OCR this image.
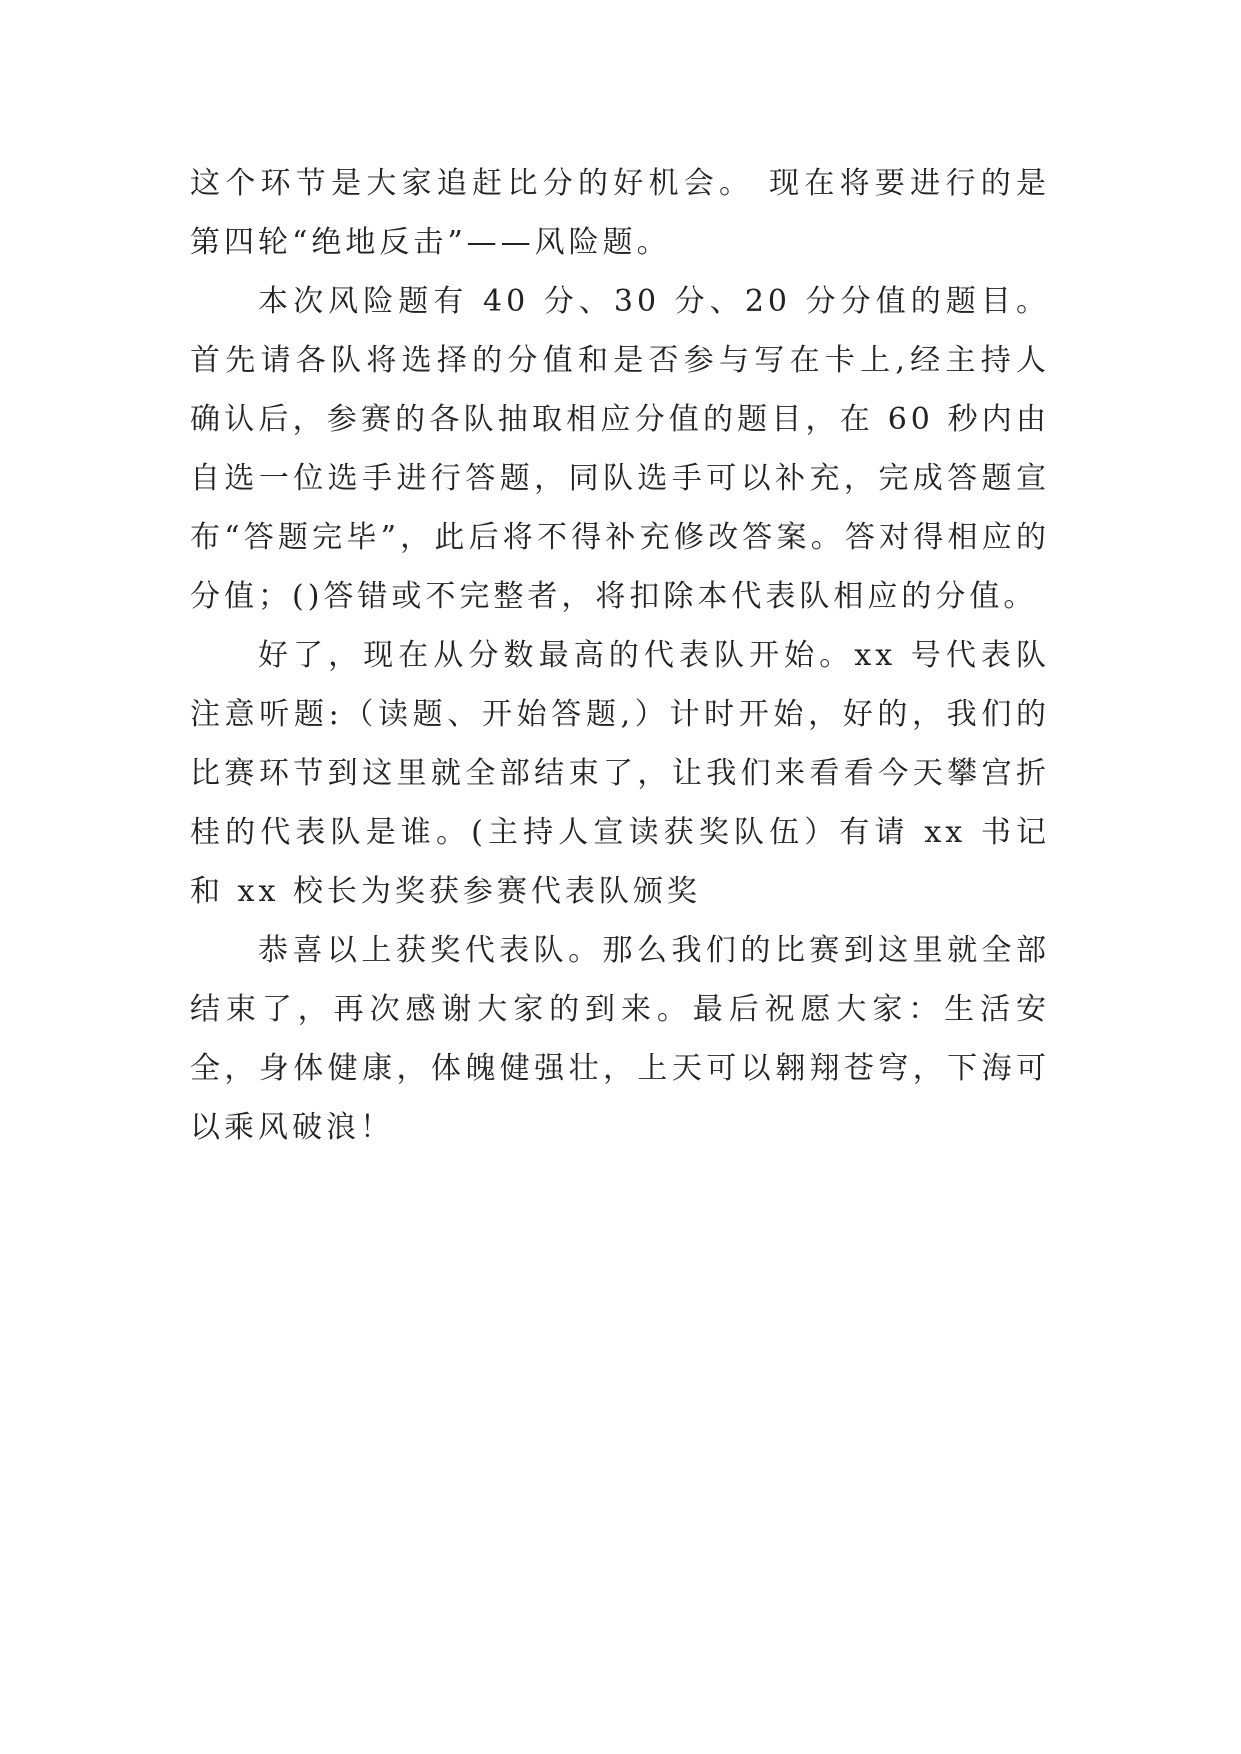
这个环节是大家追赶比分的好机会。 现在将要进行的是第四轮“绝地反击”——风险题。

本次风险题有 40 分、30 分、20 分分值的题目。首先请各队将选择的分值和是否参与写在卡上,经主持人确认后，参赛的各队抽取相应分值的题目，在 60 秒内由自选一位选手进行答题，同队选手可以补充，完成答题宣布“答题完毕”，此后将不得补充修改答案。答对得相应的分值；()答错或不完整者，将扣除本代表队相应的分值。

好了，现在从分数最高的代表队开始。xx 号代表队注意听题:（读题、开始答题,）计时开始，好的，我们的比赛环节到这里就全部结束了，让我们来看看今天攀宫折桂的代表队是谁。(主持人宣读获奖队伍）有请 xx 书记和 xx 校长为奖获参赛代表队颁奖

恭喜以上获奖代表队。那么我们的比赛到这里就全部结束了，再次感谢大家的到来。最后祝愿大家：生活安全，身体健康，体魄健强壮，上天可以翱翔苍穹，下海可以乘风破浪！
